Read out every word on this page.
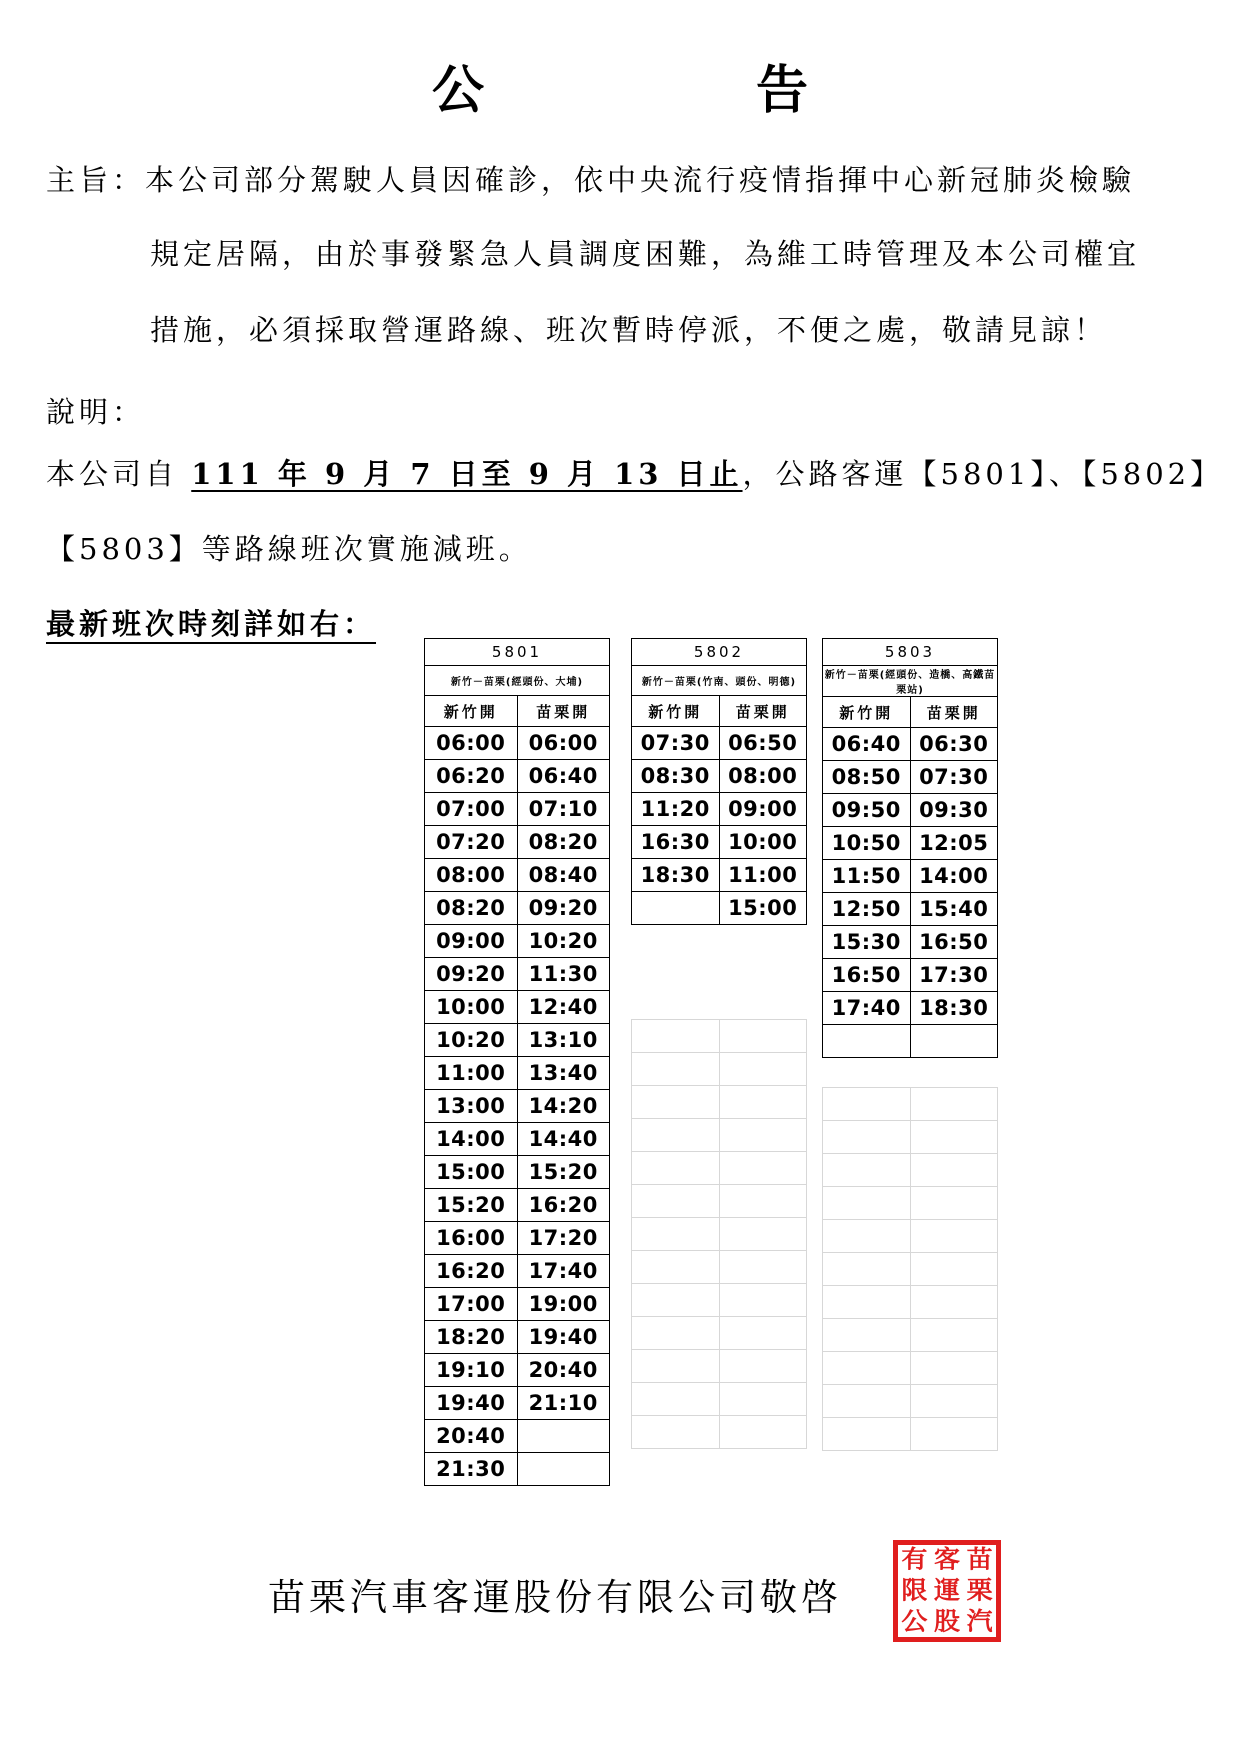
公　告
主旨：本公司部分駕駛人員因確診，依中央流行疫情指揮中心新冠肺炎檢驗
規定居隔，由於事發緊急人員調度困難，為維工時管理及本公司權宜
措施，必須採取營運路線、班次暫時停派，不便之處，敬請見諒！
說明：
本公司自 111 年 9 月 7 日至 9 月 13 日止，公路客運【5801】、【5802】
【5803】等路線班次實施減班。
最新班次時刻詳如右：

5801	
新竹－苗栗(經頭份、大埔)	
新竹開	苗栗開
06:00	06:00
06:20	06:40
07:00	07:10
07:20	08:20
08:00	08:40
08:20	09:20
09:00	10:20
09:20	11:30
10:00	12:40
10:20	13:10
11:00	13:40
13:00	14:20
14:00	14:40
15:00	15:20
15:20	16:20
16:00	17:20
16:20	17:40
17:00	19:00
18:20	19:40
19:10	20:40
19:40	21:10
20:40	
21:30	
5802	
新竹－苗栗(竹南、頭份、明德)	
新竹開	苗栗開
07:30	06:50
08:30	08:00
11:20	09:00
16:30	10:00
18:30	11:00
	15:00
5803	
新竹－苗栗(經頭份、造橋、高鐵苗栗站)	
新竹開	苗栗開
06:40	06:30
08:50	07:30
09:50	09:30
10:50	12:05
11:50	14:00
12:50	15:40
15:30	16:50
16:50	17:30
17:40	18:30

苗栗汽車客運股份有限公司敬啓
有 客 苗
限 運 栗
公 股 汽
